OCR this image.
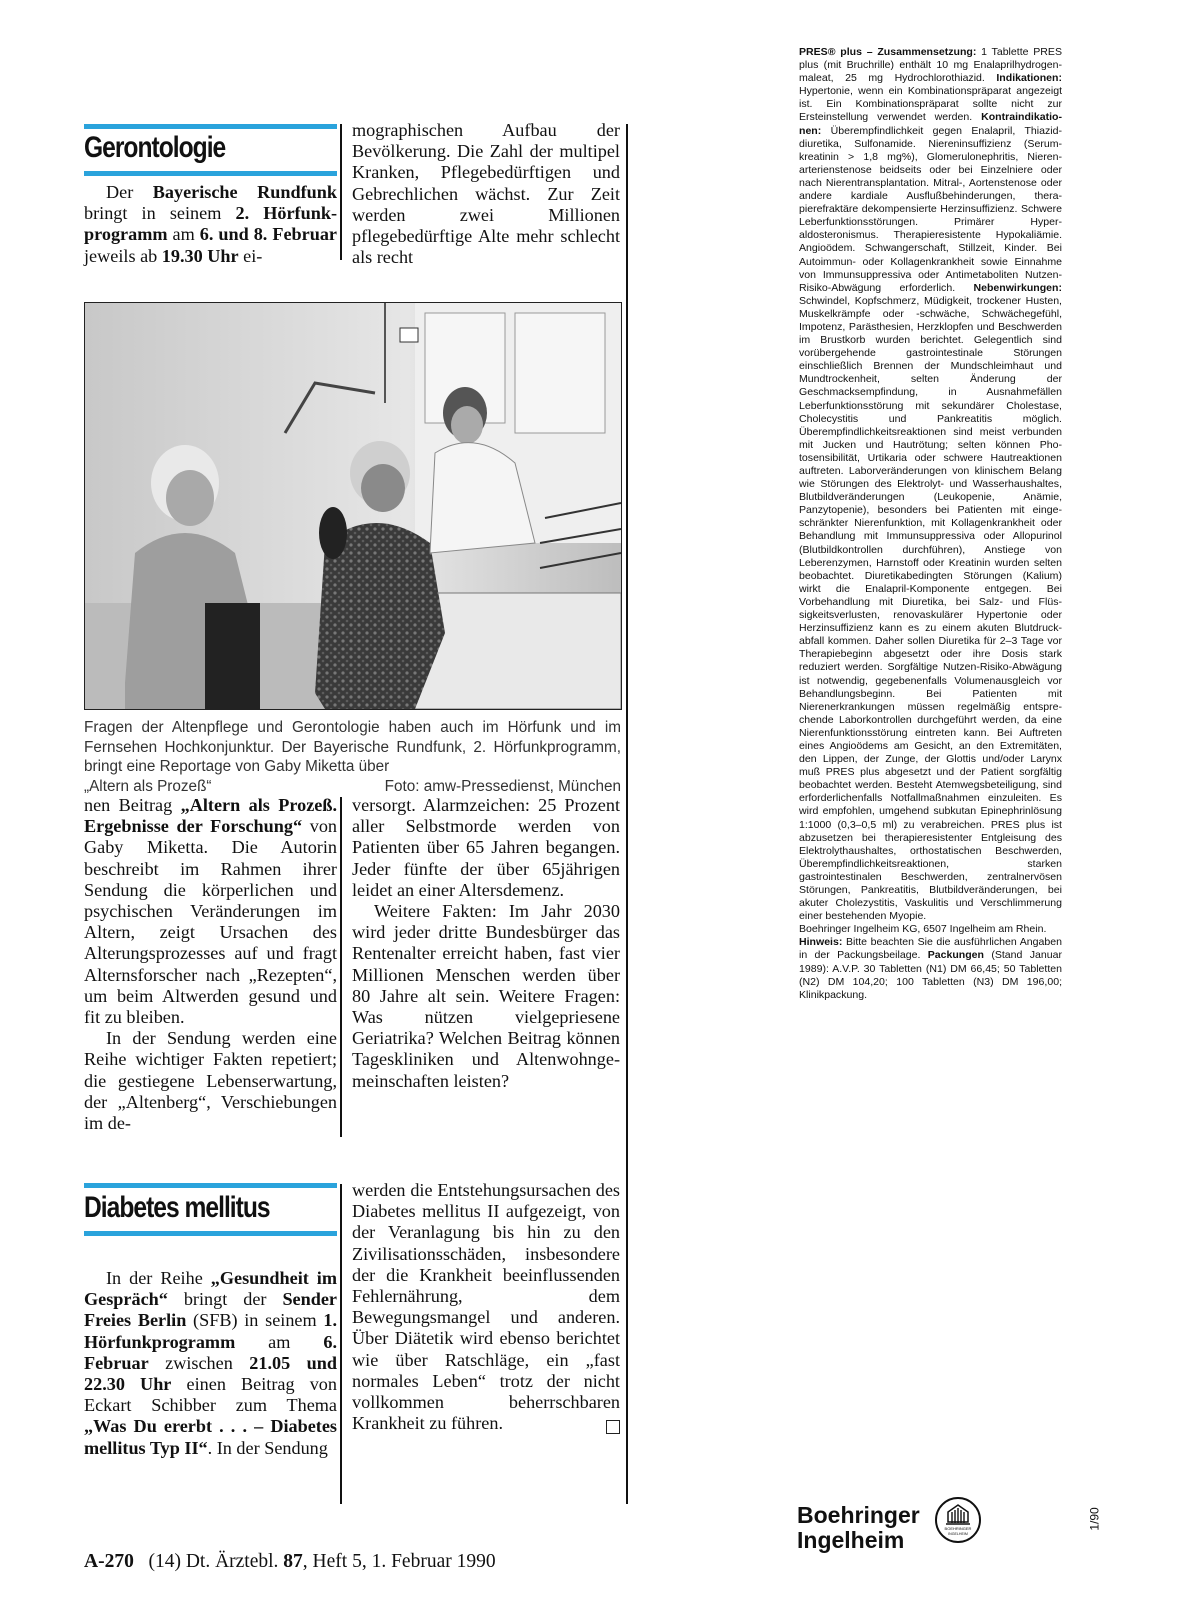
Gerontologie

Der Bayerische Rundfunk bringt in seinem 2. Hörfunkprogramm am 6. und 8. Februar jeweils ab 19.30 Uhr ei-

mographischen Aufbau der Bevölkerung. Die Zahl der multipel Kranken, Pflegebedürftigen und Gebrechlichen wächst. Zur Zeit werden zwei Millionen pflegebedürftige Alte mehr schlecht als recht

Fragen der Altenpflege und Gerontologie haben auch im Hörfunk und im Fernsehen Hochkonjunktur. Der Bayerische Rundfunk, 2. Hörfunkprogramm, bringt eine Reportage von Gaby Miketta über
„Altern als Prozeß“	Foto: amw-Pressedienst, München

nen Beitrag „Altern als Prozeß. Ergebnisse der Forschung“ von Gaby Miketta. Die Autorin beschreibt im Rahmen ihrer Sendung die körperlichen und psychischen Veränderungen im Altern, zeigt Ursachen des Alterungsprozesses auf und fragt Alternsforscher nach „Rezepten“, um beim Altwerden gesund und fit zu bleiben.

In der Sendung werden eine Reihe wichtiger Fakten repetiert; die gestiegene Lebenserwartung, der „Altenberg“, Verschiebungen im de-

versorgt. Alarmzeichen: 25 Prozent aller Selbstmorde werden von Patienten über 65 Jahren begangen. Jeder fünfte der über 65jährigen leidet an einer Altersdemenz.

Weitere Fakten: Im Jahr 2030 wird jeder dritte Bundesbürger das Rentenalter erreicht haben, fast vier Millionen Menschen werden über 80 Jahre alt sein. Weitere Fragen: Was nützen vielgepriesene Geriatrika? Welchen Beitrag können Tageskliniken und Altenwohngemeinschaften leisten?

Diabetes mellitus

In der Reihe „Gesundheit im Gespräch“ bringt der Sender Freies Berlin (SFB) in seinem 1. Hörfunkprogramm am 6. Februar zwischen 21.05 und 22.30 Uhr einen Beitrag von Eckart Schibber zum Thema „Was Du ererbt . . . – Diabetes mellitus Typ II“. In der Sendung

werden die Entstehungsursachen des Diabetes mellitus II aufgezeigt, von der Veranlagung bis hin zu den Zivilisationsschäden, insbesondere der die Krankheit beeinflussenden Fehlernährung, dem Bewegungsmangel und anderen. Über Diätetik wird ebenso berichtet wie über Ratschläge, ein „fast normales Leben“ trotz der nicht vollkommen beherrschbaren Krankheit zu führen.

PRES® plus – Zusammensetzung: 1 Tablette PRES plus (mit Bruchrille) enthält 10 mg Enalaprilhydrogenmaleat, 25 mg Hydrochlorothiazid. Indikationen: Hypertonie, wenn ein Kombinationspräparat angezeigt ist. Ein Kombinationspräparat sollte nicht zur Ersteinstellung verwendet werden. Kontraindikationen: Überempfindlichkeit gegen Enalapril, Thiaziddiuretika, Sulfonamide. Niereninsuffizienz (Serumkreatinin > 1,8 mg%), Glomerulonephritis, Nierenarterienstenose beidseits oder bei Einzelniere oder nach Nierentransplantation. Mitral-, Aortenstenose oder andere kardiale Ausflußbehinderungen, therapierefraktäre dekompensierte Herzinsuffizienz. Schwere Leberfunktionsstörungen. Primärer Hyperaldosteronismus. Therapieresistente Hypokaliämie. Angioödem. Schwangerschaft, Stillzeit, Kinder. Bei Autoimmun- oder Kollagenkrankheit sowie Einnahme von Immunsuppressiva oder Antimetaboliten Nutzen-Risiko-Abwägung erforderlich. Nebenwirkungen: Schwindel, Kopfschmerz, Müdigkeit, trockener Husten, Muskelkrämpfe oder -schwäche, Schwächegefühl, Impotenz, Parästhesien, Herzklopfen und Beschwerden im Brustkorb wurden berichtet. Gelegentlich sind vorübergehende gastrointestinale Störungen einschließlich Brennen der Mundschleimhaut und Mundtrockenheit, selten Änderung der Geschmacksempfindung, in Ausnahmefällen Leberfunktionsstörung mit sekundärer Cholestase, Cholecystitis und Pankreatitis möglich. Überempfindlichkeitsreaktionen sind meist verbunden mit Jucken und Hautrötung; selten können Photosensibilität, Urtikaria oder schwere Hautreaktionen auftreten. Laborveränderungen von klinischem Belang wie Störungen des Elektrolyt- und Wasserhaushaltes, Blutbildveränderungen (Leukopenie, Anämie, Panzytopenie), besonders bei Patienten mit eingeschränkter Nierenfunktion, mit Kollagenkrankheit oder Behandlung mit Immunsuppressiva oder Allopurinol (Blutbildkontrollen durchführen), Anstiege von Leberenzymen, Harnstoff oder Kreatinin wurden selten beobachtet. Diuretikabedingten Störungen (Kalium) wirkt die Enalapril-Komponente entgegen. Bei Vorbehandlung mit Diuretika, bei Salz- und Flüssigkeitsverlusten, renovaskulärer Hypertonie oder Herzinsuffizienz kann es zu einem akuten Blutdruckabfall kommen. Daher sollen Diuretika für 2–3 Tage vor Therapiebeginn abgesetzt oder ihre Dosis stark reduziert werden. Sorgfältige Nutzen-Risiko-Abwägung ist notwendig, gegebenenfalls Volumenausgleich vor Behandlungsbeginn. Bei Patienten mit Nierenerkrankungen müssen regelmäßig entsprechende Laborkontrollen durchgeführt werden, da eine Nierenfunktionsstörung eintreten kann. Bei Auftreten eines Angioödems am Gesicht, an den Extremitäten, den Lippen, der Zunge, der Glottis und/oder Larynx muß PRES plus abgesetzt und der Patient sorgfältig beobachtet werden. Besteht Atemwegsbeteiligung, sind erforderlichenfalls Notfallmaßnahmen einzuleiten. Es wird empfohlen, umgehend subkutan Epinephrinlösung 1:1000 (0,3–0,5 ml) zu verabreichen. PRES plus ist abzusetzen bei therapieresistenter Entgleisung des Elektrolythaushaltes, orthostatischen Beschwerden, Überempfindlichkeitsreaktionen, starken gastrointestinalen Beschwerden, zentralnervösen Störungen, Pankreatitis, Blutbildveränderungen, bei akuter Cholezystitis, Vaskulitis und Verschlimmerung einer bestehenden Myopie.

Boehringer Ingelheim KG, 6507 Ingelheim am Rhein.

Hinweis: Bitte beachten Sie die ausführlichen Angaben in der Packungsbeilage. Packungen (Stand Januar 1989): A.V.P. 30 Tabletten (N1) DM 66,45; 50 Tabletten (N2) DM 104,20; 100 Tabletten (N3) DM 196,00; Klinikpackung.

Boehringer
Ingelheim	BOEHRINGER
INGELHEIM
1/90
A-270 (14) Dt. Ärztebl. 87, Heft 5, 1. Februar 1990
